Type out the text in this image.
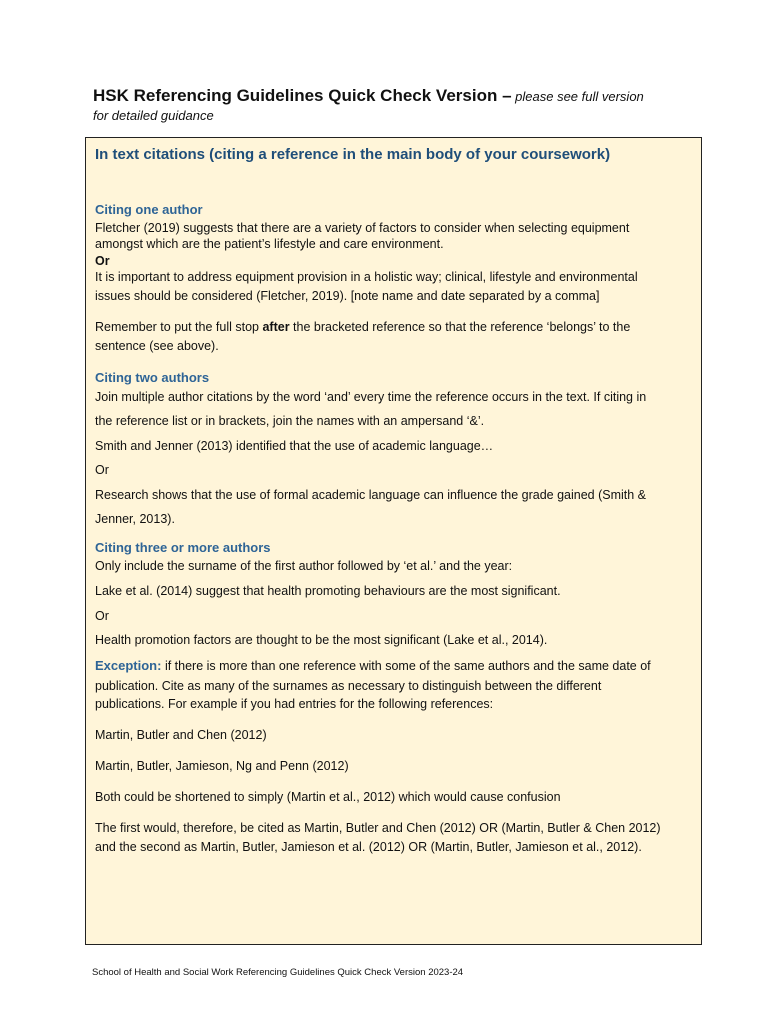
HSK Referencing Guidelines Quick Check Version – please see full version
for detailed guidance
In text citations (citing a reference in the main body of your coursework)
Citing one author
Fletcher (2019) suggests that there are a variety of factors to consider when selecting equipment
amongst which are the patient’s lifestyle and care environment.
Or
It is important to address equipment provision in a holistic way; clinical, lifestyle and environmental
issues should be considered (Fletcher, 2019). [note name and date separated by a comma]
Remember to put the full stop after the bracketed reference so that the reference ‘belongs’ to the
sentence (see above).
Citing two authors
Join multiple author citations by the word ‘and’ every time the reference occurs in the text. If citing in
the reference list or in brackets, join the names with an ampersand ‘&’.
Smith and Jenner (2013) identified that the use of academic language…
Or
Research shows that the use of formal academic language can influence the grade gained (Smith &
Jenner, 2013).
Citing three or more authors
Only include the surname of the first author followed by ‘et al.’ and the year:
Lake et al. (2014) suggest that health promoting behaviours are the most significant.
Or
Health promotion factors are thought to be the most significant (Lake et al., 2014).
Exception: if there is more than one reference with some of the same authors and the same date of
publication. Cite as many of the surnames as necessary to distinguish between the different
publications. For example if you had entries for the following references:
Martin, Butler and Chen (2012)
Martin, Butler, Jamieson, Ng and Penn (2012)
Both could be shortened to simply (Martin et al., 2012) which would cause confusion
The first would, therefore, be cited as Martin, Butler and Chen (2012) OR (Martin, Butler & Chen 2012)
and the second as Martin, Butler, Jamieson et al. (2012) OR (Martin, Butler, Jamieson et al., 2012).
School of Health and Social Work Referencing Guidelines Quick Check Version 2023-24
